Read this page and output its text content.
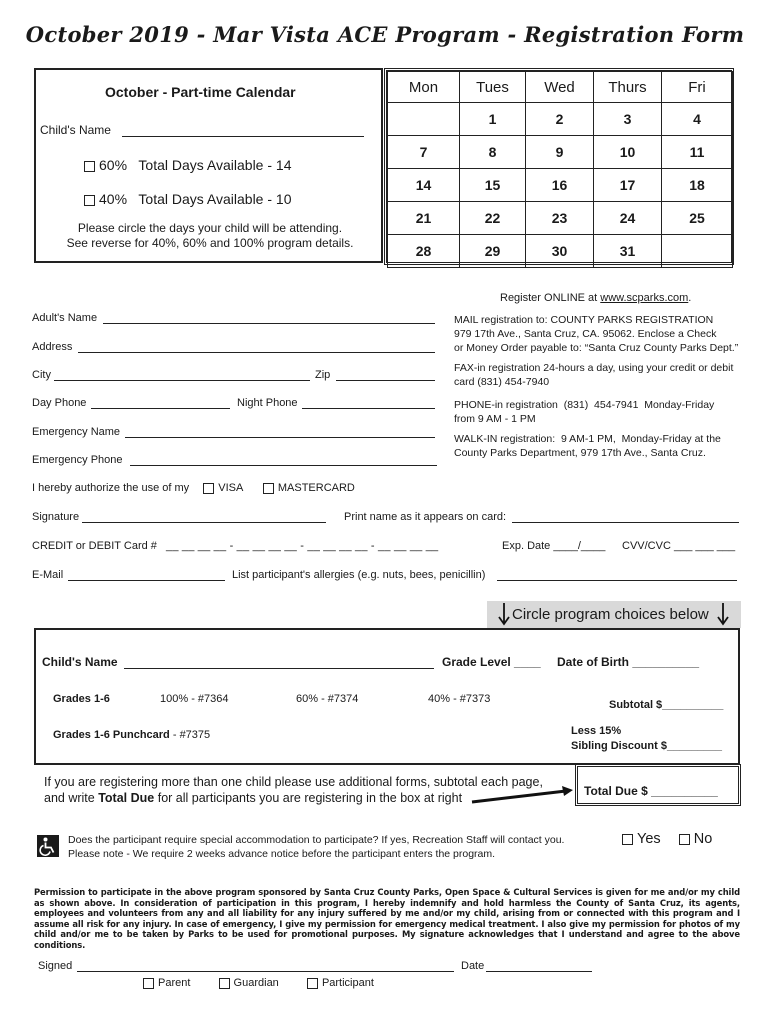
October 2019 - Mar Vista ACE Program - Registration Form
October - Part-time Calendar
Child's Name
60%   Total Days Available - 14
40%   Total Days Available - 10
Please circle the days your child will be attending.
See reverse for 40%, 60% and 100% program details.
Mon	Tues	Wed	Thurs	Fri
	1	2	3	4
7	8	9	10	11
14	15	16	17	18
21	22	23	24	25
28	29	30	31	
Register ONLINE at www.scparks.com.
Adult's Name
Address
City	Zip
Day Phone	Night Phone
Emergency Name
Emergency Phone
MAIL registration to: COUNTY PARKS REGISTRATION
979 17th Ave., Santa Cruz, CA. 95062. Enclose a Check
or Money Order payable to: “Santa Cruz County Parks Dept.”
FAX-in registration 24-hours a day, using your credit or debit
card (831) 454-7940
PHONE-in registration  (831)  454-7941  Monday-Friday
from 9 AM - 1 PM
WALK-IN registration:  9 AM-1 PM,  Monday-Friday at the
County Parks Department, 979 17th Ave., Santa Cruz.
I hereby authorize the use of my	VISA	MASTERCARD
Signature	Print name as it appears on card:
CREDIT or DEBIT Card # __ __ __ __ - __ __ __ __ - __ __ __ __ - __ __ __ __	Exp. Date ____/____ CVV/CVC ___ ___ ___
E-Mail	List participant's allergies (e.g. nuts, bees, penicillin)
Circle program choices below
Child's Name	Grade Level ____ Date of Birth __________
Grades 1-6	100% - #7364	60% - #7374	40% - #7373	Subtotal $__________
Grades 1-6 Punchcard - #7375	Less 15%
Sibling Discount $_________
If you are registering more than one child please use additional forms, subtotal each page,
and write Total Due for all participants you are registering in the box at right	Total Due $ __________
Does the participant require special accommodation to participate? If yes, Recreation Staff will contact you.
Please note - We require 2 weeks advance notice before the participant enters the program.
Yes No
Permission to participate in the above program sponsored by Santa Cruz County Parks, Open Space & Cultural Services is given for me and/or my child as shown above. In consideration of participation in this program, I hereby indemnify and hold harmless the County of Santa Cruz, its agents, employees and volunteers from any and all liability for any injury suffered by me and/or my child, arising from or connected with this program and I assume all risk for any injury. In case of emergency, I give my permission for emergency medical treatment. I also give my permission for photos of my child and/or me to be taken by Parks to be used for promotional purposes. My signature acknowledges that I understand and agree to the above conditions.
Signed	Date
Parent	Guardian	Participant
